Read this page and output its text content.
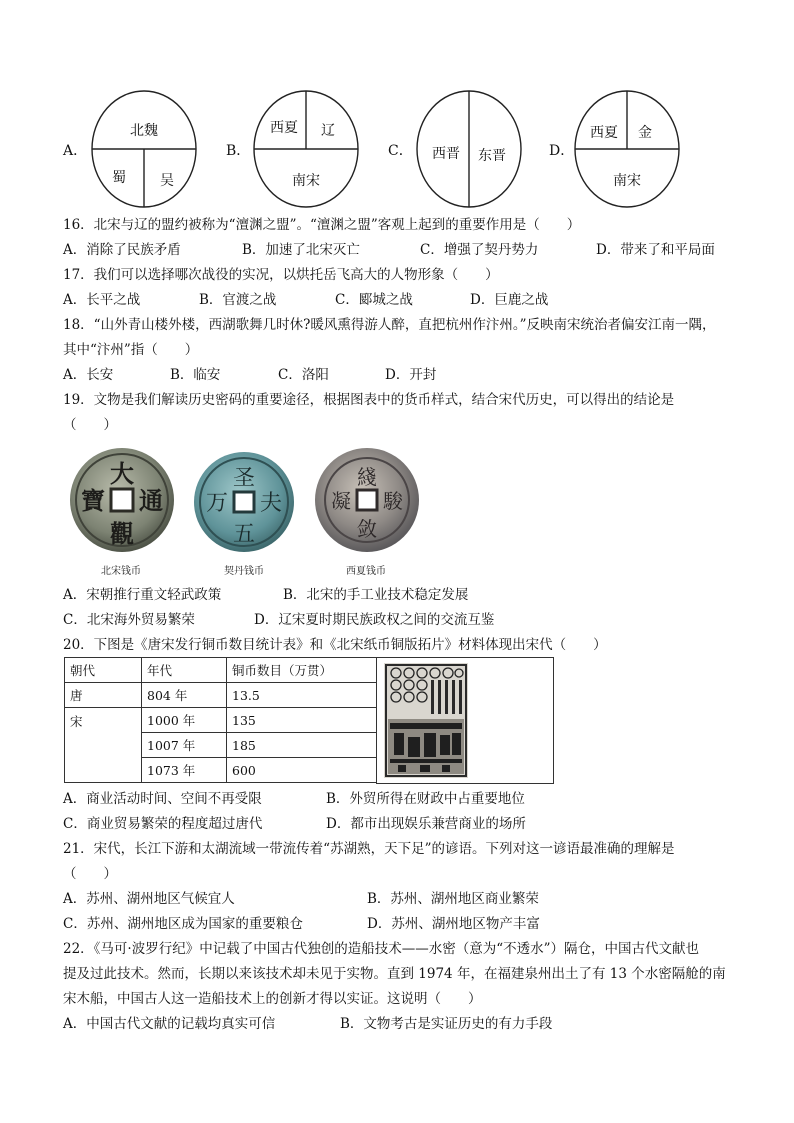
A．	B．	C．	D．
北魏
蜀 吴
西夏 辽
南宋
西晋 东晋
西夏 金
南宋
16．北宋与辽的盟约被称为“澶渊之盟”。“澶渊之盟”客观上起到的重要作用是（　　）
A．消除了民族矛盾	B．加速了北宋灭亡	C．增强了契丹势力	D．带来了和平局面
17．我们可以选择哪次战役的实况，以烘托岳飞高大的人物形象（　　）
A．长平之战	B．官渡之战	C．郾城之战	D．巨鹿之战
18．“山外青山楼外楼，西湖歌舞几时休?暖风熏得游人醉，直把杭州作汴州。”反映南宋统治者偏安江南一隅，
其中“汴州”指（　　）
A．长安	B．临安	C．洛阳	D．开封
19．文物是我们解读历史密码的重要途径，根据图表中的货币样式，结合宋代历史，可以得出的结论是
（　　）
大
通
觀
寶
圣
夫
五
万
綫
駿
敛
凝
北宋钱币	契丹钱币	西夏钱币
A．宋朝推行重文轻武政策	B．北宋的手工业技术稳定发展
C．北宋海外贸易繁荣	D．辽宋夏时期民族政权之间的交流互鉴
20．下图是《唐宋发行铜币数目统计表》和《北宋纸币铜版拓片》材料体现出宋代（　　）
朝代	年代	铜币数目（万贯）
唐	804 年	13.5
宋	1000 年	135
	1007 年	185
	1073 年	600
A．商业活动时间、空间不再受限	B．外贸所得在财政中占重要地位
C．商业贸易繁荣的程度超过唐代	D．都市出现娱乐兼营商业的场所
21．宋代，长江下游和太湖流域一带流传着“苏湖熟，天下足”的谚语。下列对这一谚语最准确的理解是
（　　）
A．苏州、湖州地区气候宜人	B．苏州、湖州地区商业繁荣
C．苏州、湖州地区成为国家的重要粮仓	D．苏州、湖州地区物产丰富
22．《马可·波罗行纪》中记载了中国古代独创的造船技术——水密（意为“不透水”）隔仓，中国古代文献也
提及过此技术。然而，长期以来该技术却未见于实物。直到 1974 年，在福建泉州出土了有 13 个水密隔舱的南
宋木船，中国古人这一造船技术上的创新才得以实证。这说明（　　）
A．中国古代文献的记载均真实可信	B．文物考古是实证历史的有力手段
